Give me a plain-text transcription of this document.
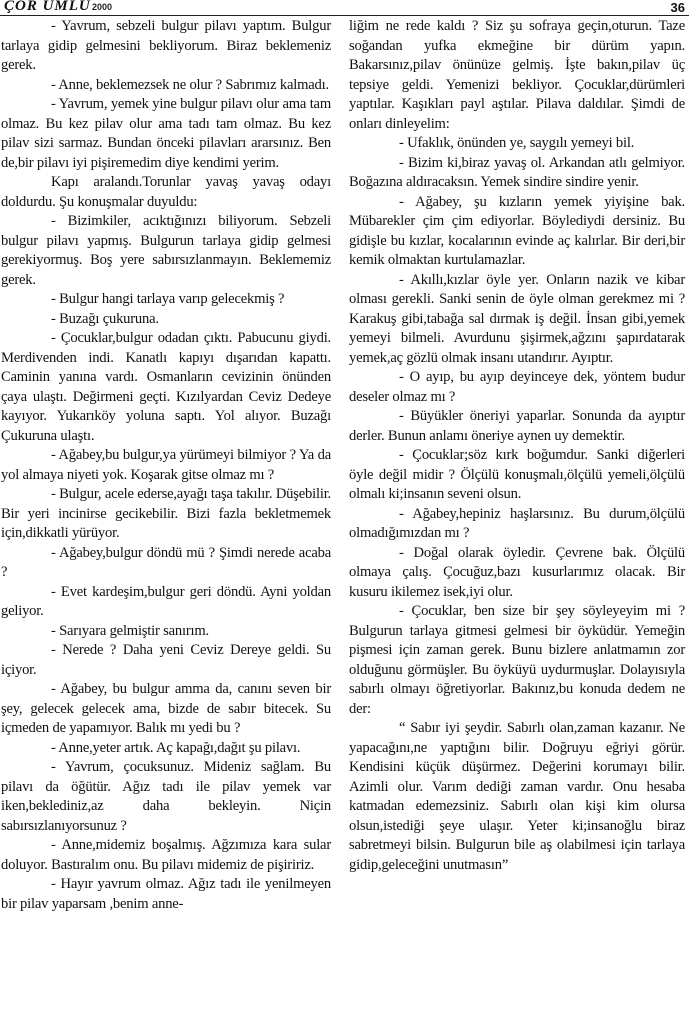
ÇOR UMLU 2000	36

- Yavrum, sebzeli bulgur pilavı yaptım. Bulgur tarlaya gidip gelmesini bekliyorum. Biraz beklemeniz gerek.

- Anne, beklemezsek ne olur ? Sabrımız kalmadı.

- Yavrum, yemek yine bulgur pilavı olur ama tam olmaz. Bu kez pilav olur ama tadı tam olmaz. Bu kez pilav sizi sarmaz. Bundan önceki pilavları ararsınız. Ben de,bir pilavı iyi pişiremedim diye kendimi yerim.

Kapı aralandı.Torunlar yavaş yavaş odayı doldurdu. Şu konuşmalar duyuldu:

- Bizimkiler, acıktığınızı biliyorum. Sebzeli bulgur pilavı yapmış. Bulgurun tarlaya gidip gelmesi gerekiyormuş. Boş yere sabırsızlanmayın. Beklememiz gerek.

- Bulgur hangi tarlaya varıp gelecekmiş ?

- Buzağı çukuruna.

- Çocuklar,bulgur odadan çıktı. Pabucunu giydi. Merdivenden indi. Kanatlı kapıyı dışarıdan kapattı. Caminin yanına vardı. Osmanların cevizinin önünden çaya ulaştı. Değirmeni geçti. Kızılyardan Ceviz Dedeye kayıyor. Yukarıköy yoluna saptı. Yol alıyor. Buzağı Çukuruna ulaştı.

- Ağabey,bu bulgur,ya yürümeyi bilmiyor ? Ya da yol almaya niyeti yok. Koşarak gitse olmaz mı ?

- Bulgur, acele ederse,ayağı taşa takılır. Düşebilir. Bir yeri incinirse gecikebilir. Bizi fazla bekletmemek için,dikkatli yürüyor.

- Ağabey,bulgur döndü mü ? Şimdi nerede acaba ?

- Evet kardeşim,bulgur geri döndü. Ayni yoldan geliyor.

- Sarıyara gelmiştir sanırım.

- Nerede ? Daha yeni Ceviz Dereye geldi. Su içiyor.

- Ağabey, bu bulgur amma da, canını seven bir şey, gelecek gelecek ama, bizde de sabır bitecek. Su içmeden de yapamıyor. Balık mı yedi bu ?

- Anne,yeter artık. Aç kapağı,dağıt şu pilavı.

- Yavrum, çocuksunuz. Mideniz sağlam. Bu pilavı da öğütür. Ağız tadı ile pilav yemek var iken,beklediniz,az daha bekleyin. Niçin sabırsızlanıyorsunuz ?

- Anne,midemiz boşalmış. Ağzımıza kara sular doluyor. Bastıralım onu. Bu pilavı midemiz de pişiririz.

- Hayır yavrum olmaz. Ağız tadı ile yenilmeyen bir pilav yaparsam ,benim anne-

liğim ne rede kaldı ? Siz şu sofraya geçin,oturun. Taze soğandan yufka ekmeğine bir dürüm yapın. Bakarsınız,pilav önünüze gelmiş. İşte bakın,pilav üç tepsiye geldi. Yemenizi bekliyor. Çocuklar,dürümleri yaptılar. Kaşıkları payl aştılar. Pilava daldılar. Şimdi de onları dinleyelim:

- Ufaklık, önünden ye, saygılı yemeyi bil.

- Bizim ki,biraz yavaş ol. Arkandan atlı gelmiyor. Boğazına aldıracaksın. Yemek sindire sindire yenir.

- Ağabey, şu kızların yemek yiyişine bak. Mübarekler çim çim ediyorlar. Böylediydi dersiniz. Bu gidişle bu kızlar, kocalarının evinde aç kalırlar. Bir deri,bir kemik olmaktan kurtulamazlar.

- Akıllı,kızlar öyle yer. Onların nazik ve kibar olması gerekli. Sanki senin de öyle olman gerekmez mi ? Karakuş gibi,tabağa sal dırmak iş değil. İnsan gibi,yemek yemeyi bilmeli. Avurdunu şişirmek,ağzını şapırdatarak yemek,aç gözlü olmak insanı utandırır. Ayıptır.

- O ayıp, bu ayıp deyinceye dek, yöntem budur deseler olmaz mı ?

- Büyükler öneriyi yaparlar. Sonunda da ayıptır derler. Bunun anlamı öneriye aynen uy demektir.

- Çocuklar;söz kırk boğumdur. Sanki diğerleri öyle değil midir ? Ölçülü konuşmalı,ölçülü yemeli,ölçülü olmalı ki;insanın seveni olsun.

- Ağabey,hepiniz haşlarsınız. Bu durum,ölçülü olmadığımızdan mı ?

- Doğal olarak öyledir. Çevrene bak. Ölçülü olmaya çalış. Çocuğuz,bazı kusurlarımız olacak. Bir kusuru ikilemez isek,iyi olur.

- Çocuklar, ben size bir şey söyleyeyim mi ? Bulgurun tarlaya gitmesi gelmesi bir öyküdür. Yemeğin pişmesi için zaman gerek. Bunu bizlere anlatmamın zor olduğunu görmüşler. Bu öyküyü uydurmuşlar. Dolayısıyla sabırlı olmayı öğretiyorlar. Bakınız,bu konuda dedem ne der:

“ Sabır iyi şeydir. Sabırlı olan,zaman kazanır. Ne yapacağını,ne yaptığını bilir. Doğruyu eğriyi görür. Kendisini küçük düşürmez. Değerini korumayı bilir. Azimli olur. Varım dediği zaman vardır. Onu hesaba katmadan edemezsiniz. Sabırlı olan kişi kim olursa olsun,istediği şeye ulaşır. Yeter ki;insanoğlu biraz sabretmeyi bilsin. Bulgurun bile aş olabilmesi için tarlaya gidip,geleceğini unutmasın”
